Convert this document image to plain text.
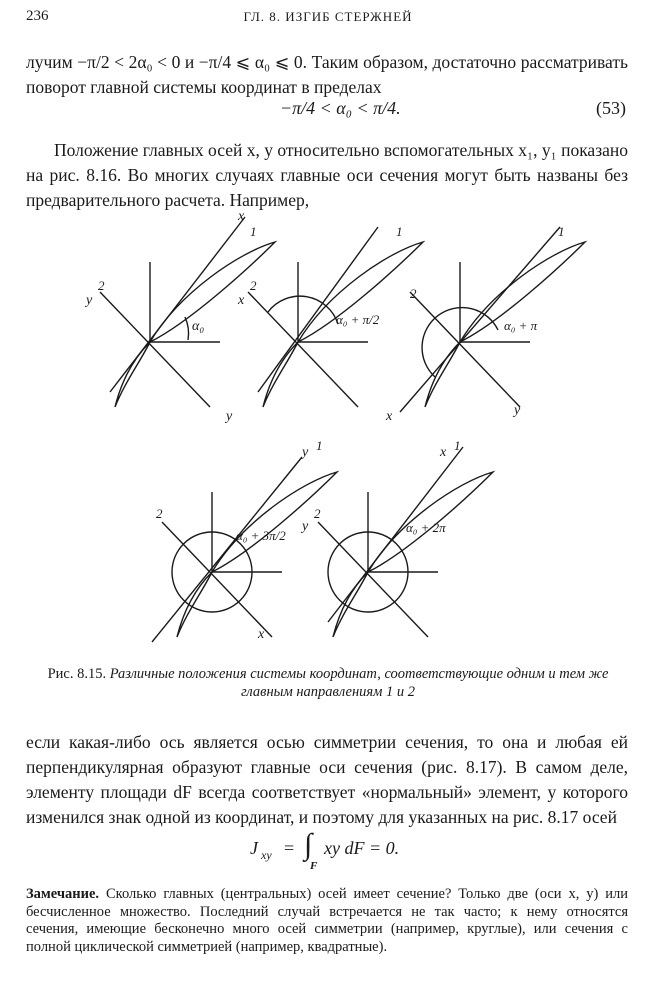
236	ГЛ. 8. ИЗГИБ СТЕРЖНЕЙ

лучим −π/2 < 2α₀ < 0 и −π/4 ⩽ α₀ ⩽ 0. Таким образом, достаточно рассматривать поворот главной системы координат в пределах

−π/4 < α₀ < π/4.	(53)

Положение главных осей x, y относительно вспомогательных x₁, y₁ показано на рис. 8.16. Во многих случаях главные оси сечения могут быть названы без предварительного расчета. Например,

α₀
x
1
y
2
α₀ + π/2
x
2
y
1
α₀ + π
1
2
x	y
α₀ + 3π/2
y 1
2
x
α₀ + 2π
x 1
y
2

Рис. 8.15. Различные положения системы координат, соответствующие одним и тем же главным направлениям 1 и 2

если какая-либо ось является осью симметрии сечения, то она и любая ей перпендикулярная образуют главные оси сечения (рис. 8.17). В самом деле, элементу площади dF всегда соответствует «нормальный» элемент, у которого изменился знак одной из координат, и поэтому для указанных на рис. 8.17 осей

J xy = ∫
F
xy dF = 0.

Замечание. Сколько главных (центральных) осей имеет сечение? Только две (оси x, y) или бесчисленное множество. Последний случай встречается не так часто; к нему относятся сечения, имеющие бесконечно много осей симметрии (например, круглые), или сечения с полной циклической симметрией (например, квадратные).
